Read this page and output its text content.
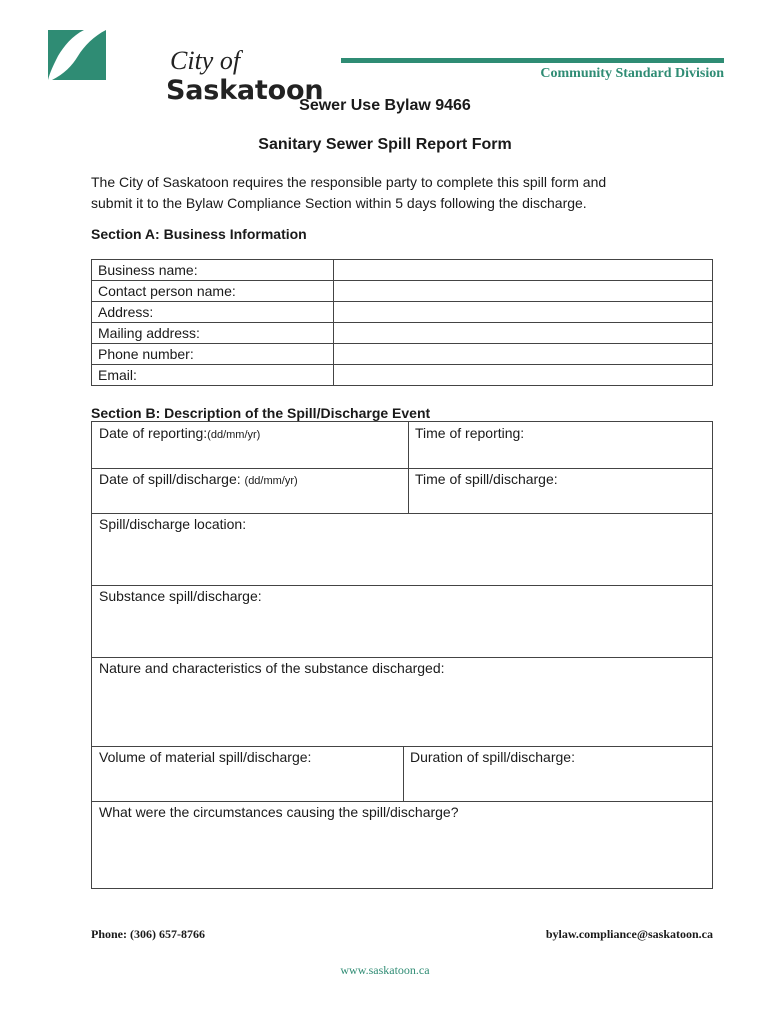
City of
Saskatoon
Community Standard Division
Sewer Use Bylaw 9466
Sanitary Sewer Spill Report Form
The City of Saskatoon requires the responsible party to complete this spill form and
submit it to the Bylaw Compliance Section within 5 days following the discharge.
Section A: Business Information
Business name:	
Contact person name:	
Address:	
Mailing address:	
Phone number:	
Email:	
Section B: Description of the Spill/Discharge Event
Date of reporting:(dd/mm/yr)	Time of reporting:
Date of spill/discharge: (dd/mm/yr)	Time of spill/discharge:
Spill/discharge location:
Substance spill/discharge:
Nature and characteristics of the substance discharged:
Volume of material spill/discharge:	Duration of spill/discharge:
What were the circumstances causing the spill/discharge?
Phone: (306) 657-8766	bylaw.compliance@saskatoon.ca
www.saskatoon.ca
